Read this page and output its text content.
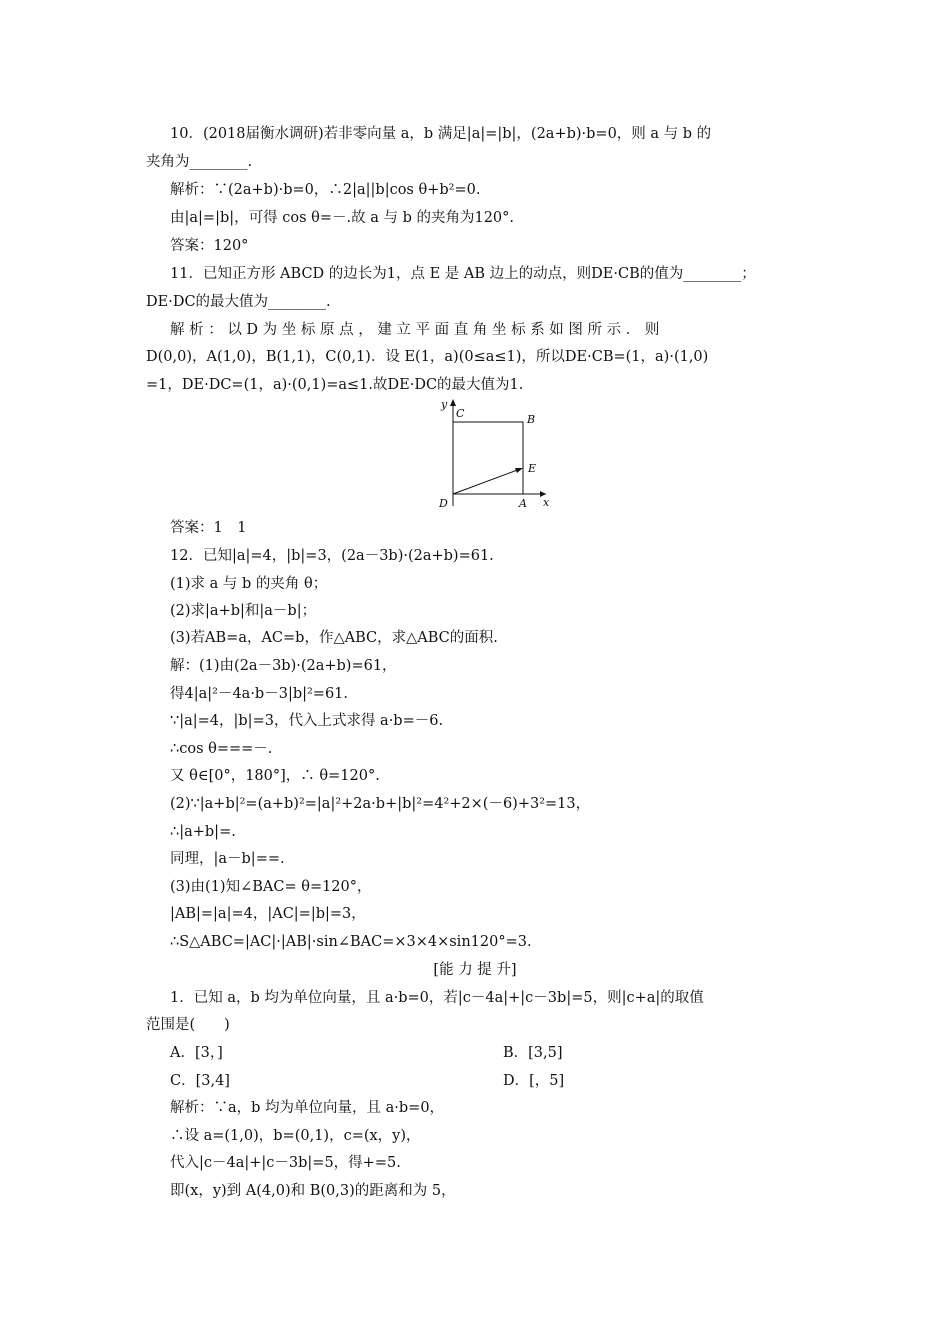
10．(2018届衡水调研)若非零向量 a，b 满足|a|=|b|，(2a+b)·b=0，则 a 与 b 的
夹角为________.
解析：∵(2a+b)·b=0，∴2|a||b|cos θ+b²=0.
由|a|=|b|，可得 cos θ=－.故 a 与 b 的夹角为120°.
答案：120°
11．已知正方形 ABCD 的边长为1，点 E 是 AB 边上的动点，则DE·CB的值为________；
DE·DC的最大值为________.
解 析 ： 以 D 为 坐 标 原 点 ， 建 立 平 面 直 角 坐 标 系 如 图 所 示 ． 则
D(0,0)，A(1,0)，B(1,1)，C(0,1)．设 E(1，a)(0≤a≤1)，所以DE·CB=(1，a)·(1,0)
=1，DE·DC=(1，a)·(0,1)=a≤1.故DE·DC的最大值为1.
y
C	B
E
D	A x
答案：1　1
12．已知|a|=4，|b|=3，(2a－3b)·(2a+b)=61.
(1)求 a 与 b 的夹角 θ；
(2)求|a+b|和|a－b|；
(3)若AB=a，AC=b，作△ABC，求△ABC的面积.
解：(1)由(2a－3b)·(2a+b)=61，
得4|a|²－4a·b－3|b|²=61.
∵|a|=4，|b|=3，代入上式求得 a·b=－6.
∴cos θ===－.
又 θ∈[0°，180°]，∴ θ=120°.
(2)∵|a+b|²=(a+b)²=|a|²+2a·b+|b|²=4²+2×(－6)+3²=13，
∴|a+b|=.
同理，|a－b|==.
(3)由(1)知∠BAC= θ=120°，
|AB|=|a|=4，|AC|=|b|=3，
∴S△ABC=|AC|·|AB|·sin∠BAC=×3×4×sin120°=3.
[能 力 提 升]
1．已知 a，b 均为单位向量，且 a·b=0，若|c－4a|+|c－3b|=5，则|c+a|的取值
范围是(　　)
A．[3，]	B．[3,5]
C．[3,4]	D．[，5]
解析：∵a，b 均为单位向量，且 a·b=0，
∴设 a=(1,0)，b=(0,1)，c=(x，y)，
代入|c－4a|+|c－3b|=5，得+=5.
即(x，y)到 A(4,0)和 B(0,3)的距离和为 5，
